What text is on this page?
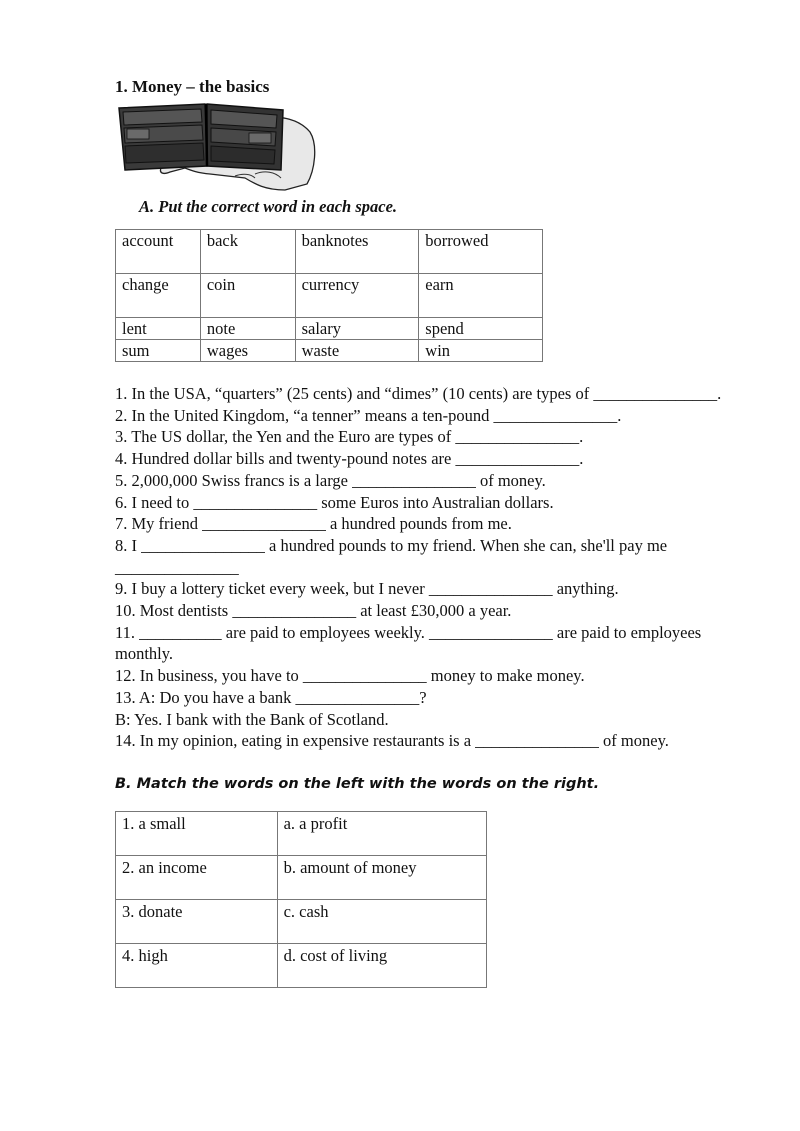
1. Money – the basics

A. Put the correct word in each space.

account	back	banknotes	borrowed
change	coin	currency	earn
lent	note	salary	spend
sum	wages	waste	win

1. In the USA, “quarters” (25 cents) and “dimes” (10 cents) are types of _______________.

2. In the United Kingdom, “a tenner” means a ten-pound _______________.

3. The US dollar, the Yen and the Euro are types of _______________.

4. Hundred dollar bills and twenty-pound notes are _______________.

5. 2,000,000 Swiss francs is a large _______________ of money.

6. I need to _______________ some Euros into Australian dollars.

7. My friend _______________ a hundred pounds from me.

8. I _______________ a hundred pounds to my friend. When she can, she'll pay me _______________

9. I buy a lottery ticket every week, but I never _______________ anything.

10. Most dentists _______________ at least £30,000 a year.

11. __________ are paid to employees weekly. _______________ are paid to employees monthly.

12. In business, you have to _______________ money to make money.

13. A: Do you have a bank _______________?

B: Yes. I bank with the Bank of Scotland.

14. In my opinion, eating in expensive restaurants is a _______________ of money.

B. Match the words on the left with the words on the right.

1. a small	a. a profit
2. an income	b. amount of money
3. donate	c. cash
4. high	d. cost of living
